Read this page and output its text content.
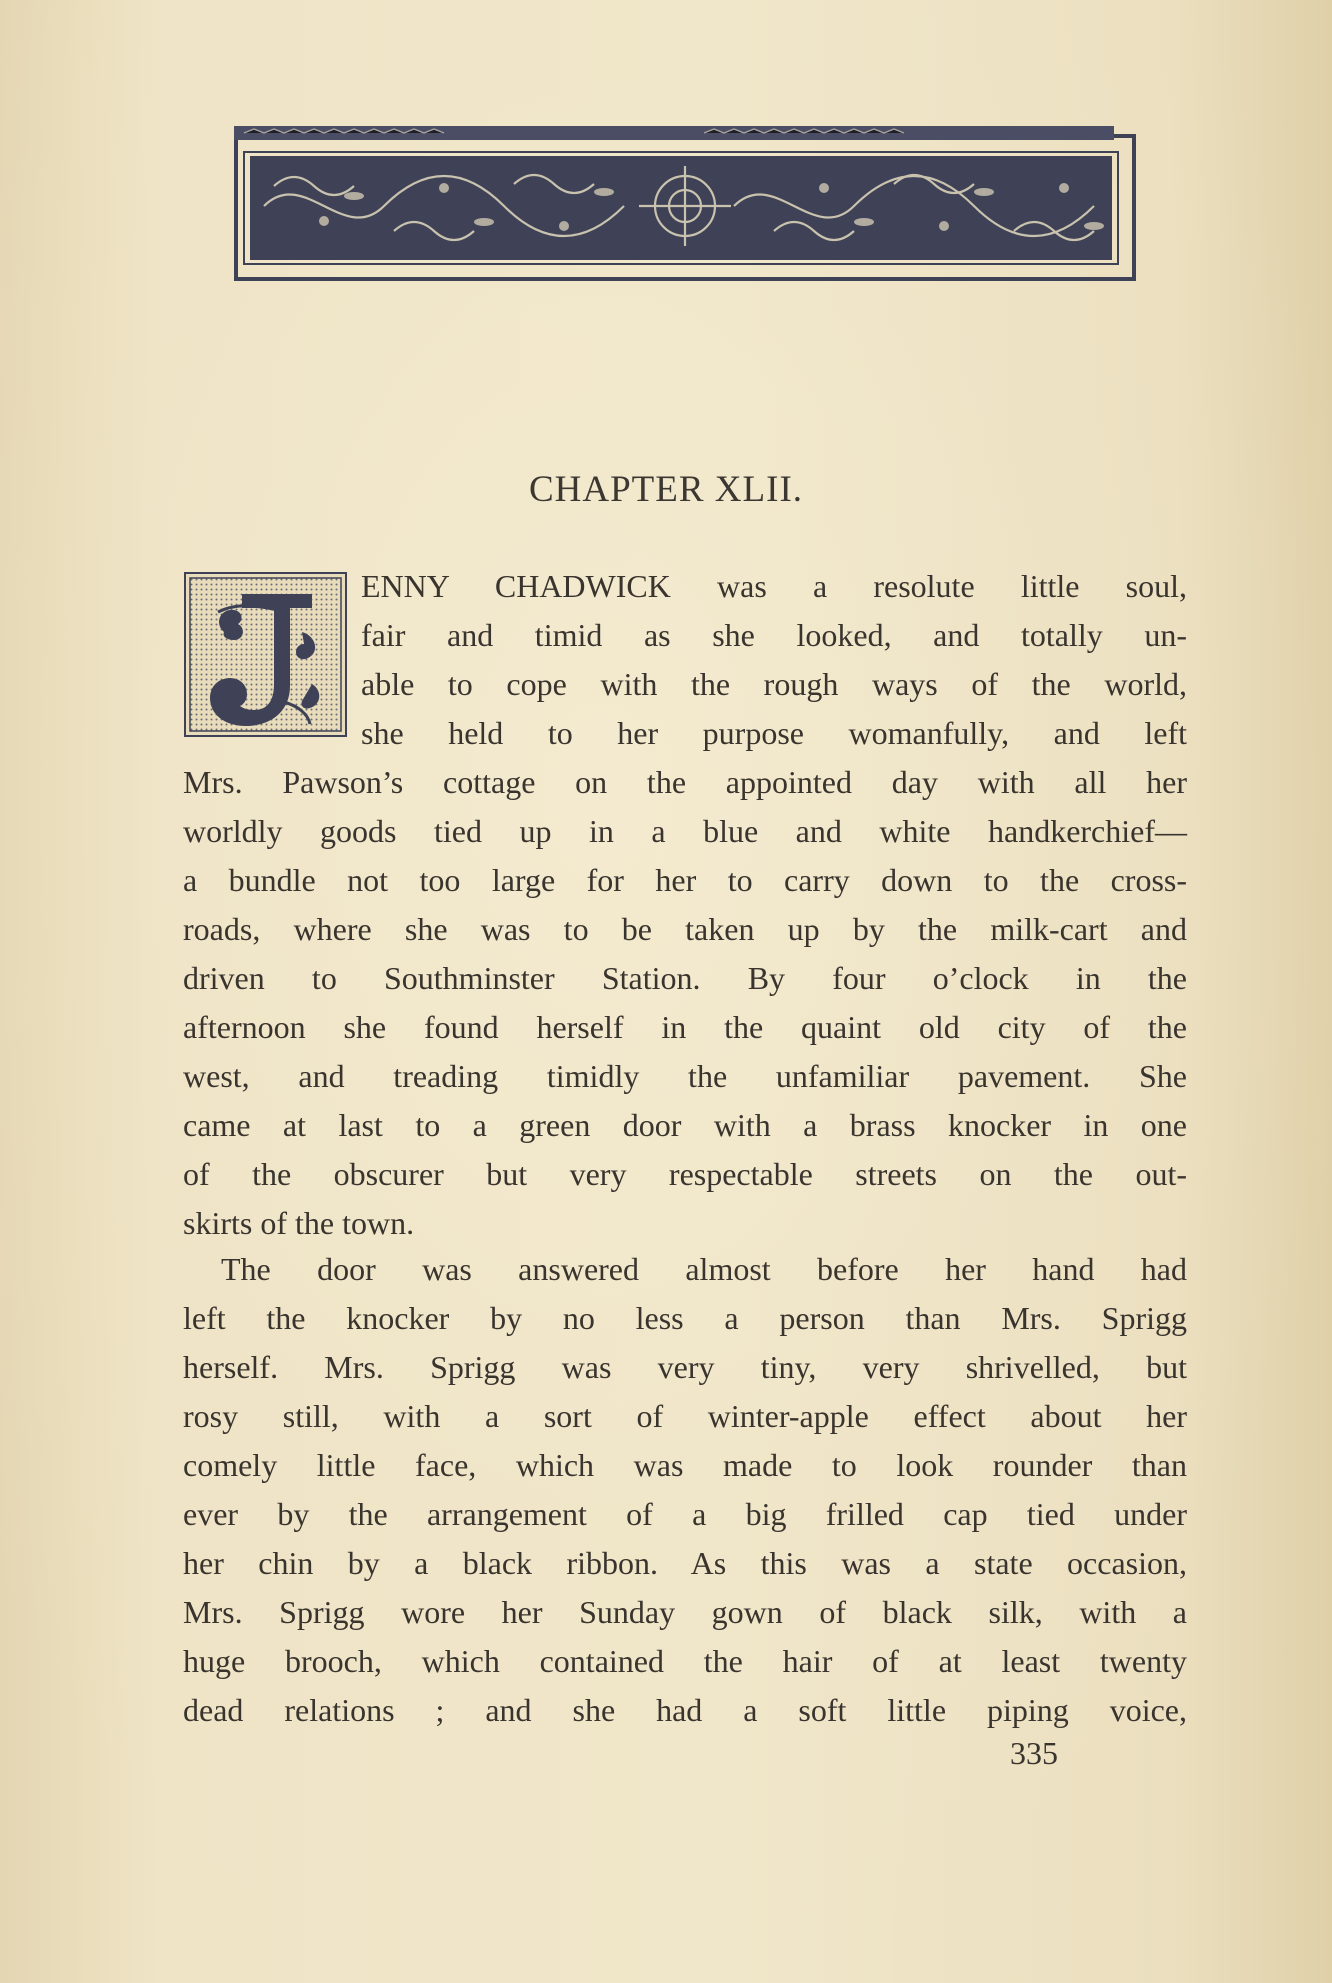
CHAPTER XLII.
ENNY CHADWICK was a resolute little soul,
fair and timid as she looked, and totally un-
able to cope with the rough ways of the world,
she held to her purpose womanfully, and left
Mrs. Pawson’s cottage on the appointed day with all her
worldly goods tied up in a blue and white handkerchief—
a bundle not too large for her to carry down to the cross-
roads, where she was to be taken up by the milk-cart and
driven to Southminster Station. By four o’clock in the
afternoon she found herself in the quaint old city of the
west, and treading timidly the unfamiliar pavement. She
came at last to a green door with a brass knocker in one
of the obscurer but very respectable streets on the out-
skirts of the town.
The door was answered almost before her hand had
left the knocker by no less a person than Mrs. Sprigg
herself. Mrs. Sprigg was very tiny, very shrivelled, but
rosy still, with a sort of winter-apple effect about her
comely little face, which was made to look rounder than
ever by the arrangement of a big frilled cap tied under
her chin by a black ribbon. As this was a state occasion,
Mrs. Sprigg wore her Sunday gown of black silk, with a
huge brooch, which contained the hair of at least twenty
dead relations ; and she had a soft little piping voice,
335
